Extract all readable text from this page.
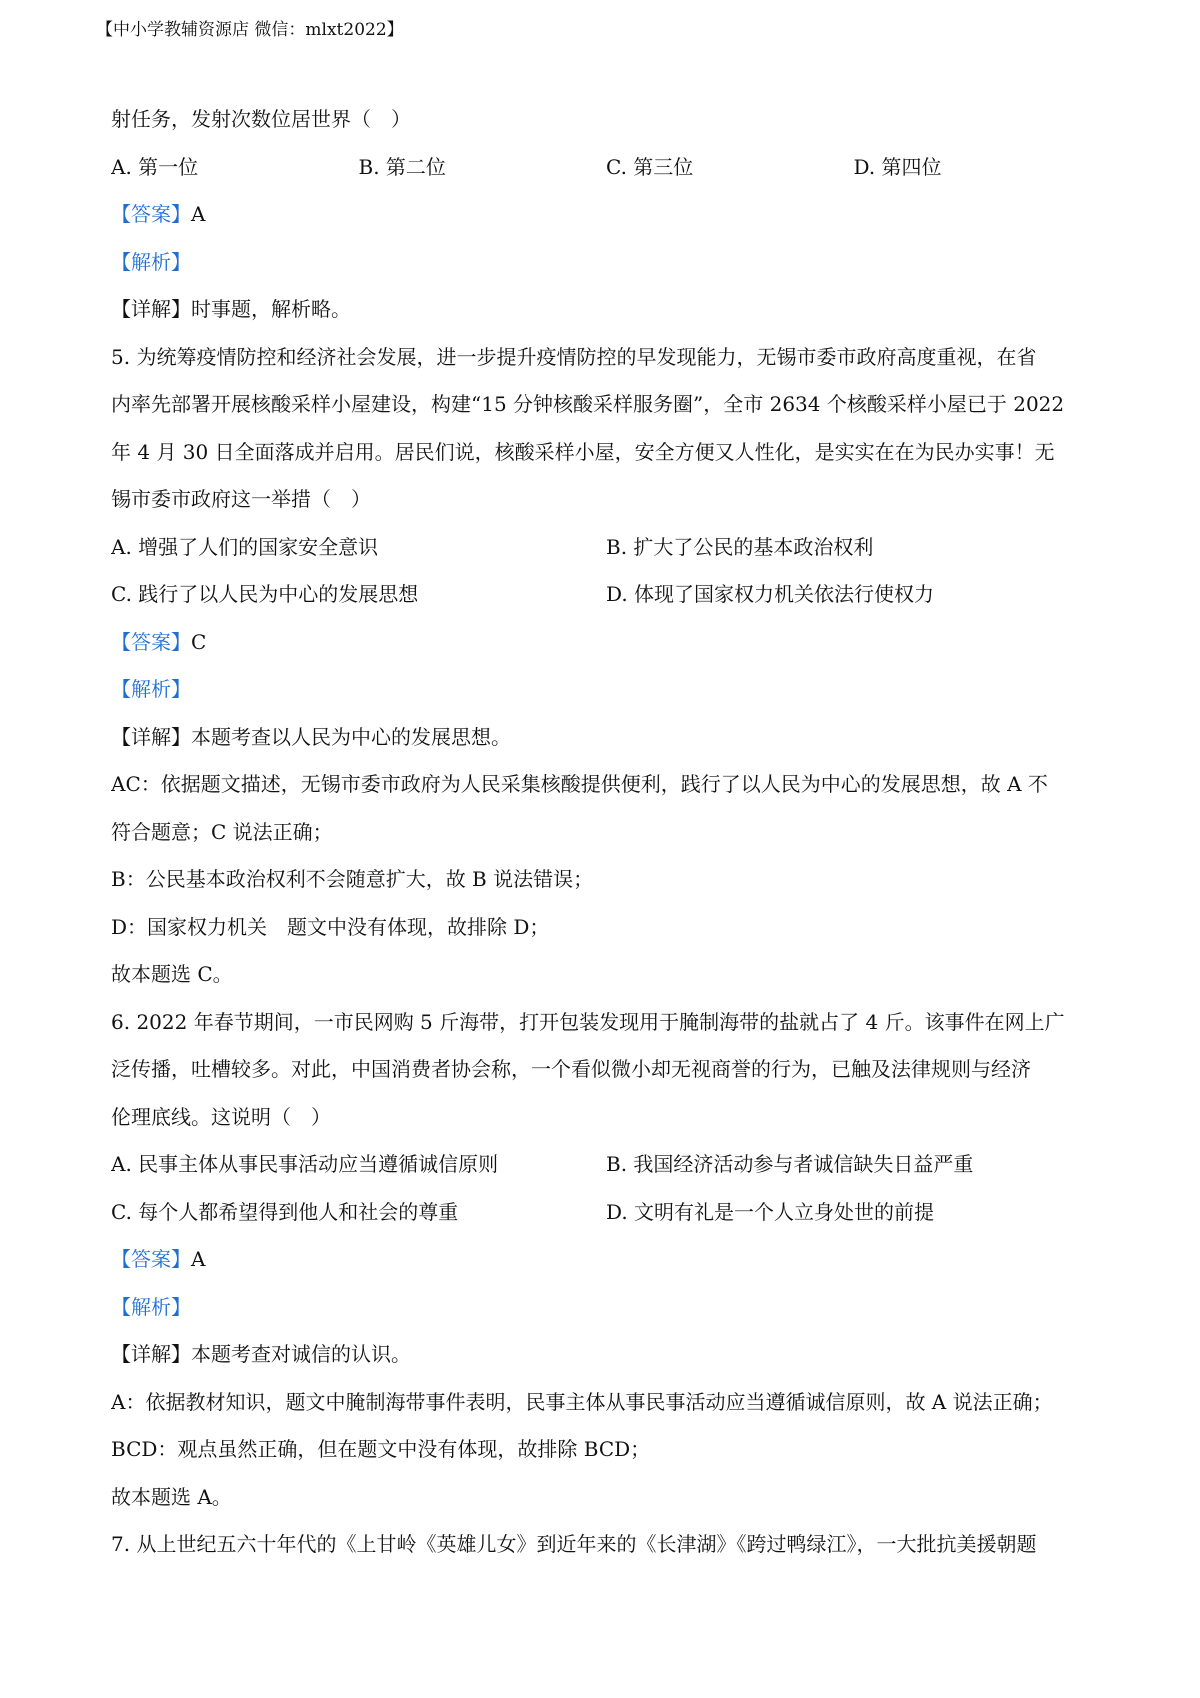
【中小学教辅资源店 微信：mlxt2022】
射任务，发射次数位居世界（　）
A. 第一位	B. 第二位	C. 第三位	D. 第四位
【答案】A
【解析】
【详解】时事题，解析略。
5. 为统筹疫情防控和经济社会发展，进一步提升疫情防控的早发现能力，无锡市委市政府高度重视，在省
内率先部署开展核酸采样小屋建设，构建“15 分钟核酸采样服务圈”，全市 2634 个核酸采样小屋已于 2022
年 4 月 30 日全面落成并启用。居民们说，核酸采样小屋，安全方便又人性化，是实实在在为民办实事！无
锡市委市政府这一举措（　）
A. 增强了人们的国家安全意识	B. 扩大了公民的基本政治权利
C. 践行了以人民为中心的发展思想	D. 体现了国家权力机关依法行使权力
【答案】C
【解析】
【详解】本题考查以人民为中心的发展思想。
AC：依据题文描述，无锡市委市政府为人民采集核酸提供便利，践行了以人民为中心的发展思想，故 A 不
符合题意；C 说法正确；
B：公民基本政治权利不会随意扩大，故 B 说法错误；
D：国家权力机关　题文中没有体现，故排除 D；
故本题选 C。
6. 2022 年春节期间，一市民网购 5 斤海带，打开包装发现用于腌制海带的盐就占了 4 斤。该事件在网上广
泛传播，吐槽较多。对此，中国消费者协会称，一个看似微小却无视商誉的行为，已触及法律规则与经济
伦理底线。这说明（　）
A. 民事主体从事民事活动应当遵循诚信原则	B. 我国经济活动参与者诚信缺失日益严重
C. 每个人都希望得到他人和社会的尊重	D. 文明有礼是一个人立身处世的前提
【答案】A
【解析】
【详解】本题考查对诚信的认识。
A：依据教材知识，题文中腌制海带事件表明，民事主体从事民事活动应当遵循诚信原则，故 A 说法正确；
BCD：观点虽然正确，但在题文中没有体现，故排除 BCD；
故本题选 A。
7. 从上世纪五六十年代的《上甘岭《英雄儿女》到近年来的《长津湖》《跨过鸭绿江》，一大批抗美援朝题
